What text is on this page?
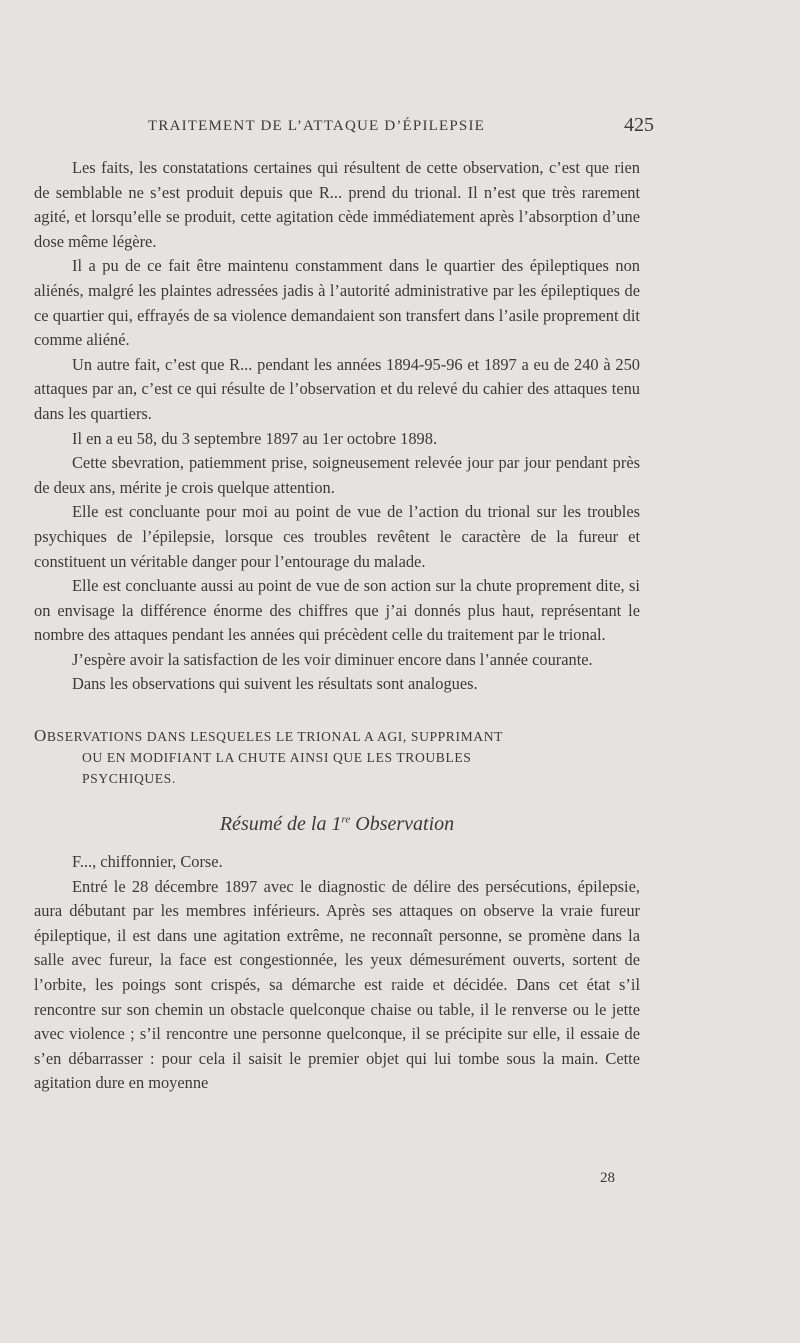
TRAITEMENT DE L’ATTAQUE D’ÉPILEPSIE	425

Les faits, les constatations certaines qui résultent de cette observation, c’est que rien de semblable ne s’est produit depuis que R... prend du trional. Il n’est que très rarement agité, et lorsqu’elle se produit, cette agitation cède immédiatement après l’absorption d’une dose même légère.

Il a pu de ce fait être maintenu constamment dans le quartier des épileptiques non aliénés, malgré les plaintes adressées jadis à l’autorité administrative par les épileptiques de ce quartier qui, effrayés de sa violence demandaient son transfert dans l’asile proprement dit comme aliéné.

Un autre fait, c’est que R... pendant les années 1894-95-96 et 1897 a eu de 240 à 250 attaques par an, c’est ce qui résulte de l’observation et du relevé du cahier des attaques tenu dans les quartiers.

Il en a eu 58, du 3 septembre 1897 au 1er octobre 1898.

Cette sbevration, patiemment prise, soigneusement relevée jour par jour pendant près de deux ans, mérite je crois quelque attention.

Elle est concluante pour moi au point de vue de l’action du trional sur les troubles psychiques de l’épilepsie, lorsque ces troubles revêtent le caractère de la fureur et constituent un véritable danger pour l’entourage du malade.

Elle est concluante aussi au point de vue de son action sur la chute proprement dite, si on envisage la différence énorme des chiffres que j’ai donnés plus haut, représentant le nombre des attaques pendant les années qui précèdent celle du traitement par le trional.

J’espère avoir la satisfaction de les voir diminuer encore dans l’année courante.

Dans les observations qui suivent les résultats sont analogues.

OBSERVATIONS DANS LESQUELES LE TRIONAL A AGI, SUPPRIMANT
OU EN MODIFIANT LA CHUTE AINSI QUE LES TROUBLES
PSYCHIQUES.
Résumé de la 1re Observation

F..., chiffonnier, Corse.

Entré le 28 décembre 1897 avec le diagnostic de délire des persécutions, épilepsie, aura débutant par les membres inférieurs. Après ses attaques on observe la vraie fureur épileptique, il est dans une agitation extrême, ne reconnaît personne, se promène dans la salle avec fureur, la face est congestionnée, les yeux démesurément ouverts, sortent de l’orbite, les poings sont crispés, sa démarche est raide et décidée. Dans cet état s’il rencontre sur son chemin un obstacle quelconque chaise ou table, il le renverse ou le jette avec violence ; s’il rencontre une personne quelconque, il se précipite sur elle, il essaie de s’en débarrasser : pour cela il saisit le premier objet qui lui tombe sous la main. Cette agitation dure en moyenne

28
